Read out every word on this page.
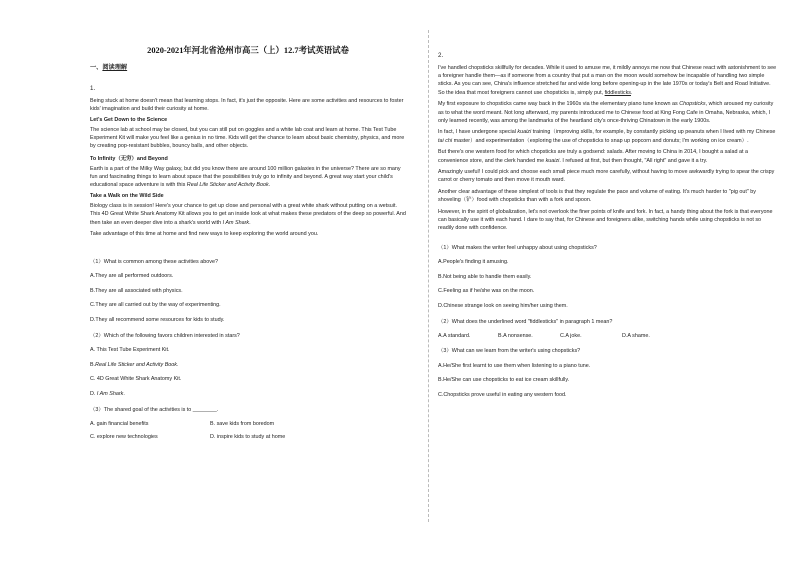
2020-2021年河北省沧州市高三（上）12.7考试英语试卷
一、阅读理解
1.

Being stuck at home doesn't mean that learning stops. In fact, it's just the opposite. Here are some activities and resources to foster kids' imagination and build their curiosity at home.

Let's Get Down to the Science

The science lab at school may be closed, but you can still put on goggles and a white lab coat and learn at home. This Test Tube Experiment Kit will make you feel like a genius in no time. Kids will get the chance to learn about basic chemistry, physics, and more by creating pop-resistant bubbles, bouncy balls, and other objects.

To Infinity（无穷）and Beyond

Earth is a part of the Milky Way galaxy, but did you know there are around 100 million galaxies in the universe? There are so many fun and fascinating things to learn about space that the possibilities truly go to infinity and beyond. A great way start your child's educational space adventure is with this Real Life Sticker and Activity Book.

Take a Walk on the Wild Side

Biology class is in session! Here's your chance to get up close and personal with a great white shark without putting on a wetsuit. This 4D Great White Shark Anatomy Kit allows you to get an inside look at what makes these predators of the deep so powerful. And then take an even deeper dive into a shark's world with I Am Shark.

Take advantage of this time at home and find new ways to keep exploring the world around you.

（1）What is common among these activities above?
A.They are all performed outdoors.
B.They are all associated with physics.
C.They are all carried out by the way of experimenting.
D.They all recommend some resources for kids to study.
（2）Which of the following favors children interested in stars?
A. This Test Tube Experiment Kit.
B.Real Life Sticker and Activity Book.
C. 4D Great White Shark Anatomy Kit.
D. I Am Shark.
（3）The shared goal of the activities is to ________.
A. gain financial benefits	B. save kids from boredom
C. explore new technologies	D. inspire kids to study at home
2.

I've handled chopsticks skillfully for decades. While it used to amuse me, it mildly annoys me now that Chinese react with astonishment to see a foreigner handle them—as if someone from a country that put a man on the moon would somehow be incapable of handling two simple sticks. As you can see, China's influence stretched far and wide long before opening-up in the late 1970s or today's Belt and Road Initiative. So the idea that most foreigners cannot use chopsticks is, simply put, fiddlesticks.

My first exposure to chopsticks came way back in the 1960s via the elementary piano tune known as Chopsticks, which aroused my curiosity as to what the word meant. Not long afterward, my parents introduced me to Chinese food at King Fong Cafe in Omaha, Nebraska, which, I only learned recently, was among the landmarks of the heartland city's once-thriving Chinatown in the early 1900s.

In fact, I have undergone special kuaizi training（improving skills, for example, by constantly picking up peanuts when I lived with my Chinese tai chi master）and experimentation（exploring the use of chopsticks to snap up popcorn and donuts; I'm working on ice cream）.

But there's one western food for which chopsticks are truly a godsend: salads. After moving to China in 2014, I bought a salad at a convenience store, and the clerk handed me kuaizi. I refused at first, but then thought, "All right" and gave it a try.

Amazingly useful! I could pick and choose each small piece much more carefully, without having to move awkwardly trying to spear the crispy carrot or cherry tomato and then move it mouth ward.

Another clear advantage of these simplest of tools is that they regulate the pace and volume of eating. It's much harder to "pig out" by shoveling（铲）food with chopsticks than with a fork and spoon.

However, in the spirit of globalization, let's not overlook the finer points of knife and fork. In fact, a handy thing about the fork is that everyone can basically use it with each hand. I dare to say that, for Chinese and foreigners alike, switching hands while using chopsticks is not so readily done with confidence.

（1）What makes the writer feel unhappy about using chopsticks?
A.People's finding it amusing.
B.Not being able to handle them easily.
C.Feeling as if he/she was on the moon.
D.Chinese strange look on seeing him/her using them.
（2）What does the underlined word "fiddlesticks" in paragraph 1 mean?
A.A standard.	B.A nonsense.	C.A joke.	D.A shame.
（3）What can we learn from the writer's using chopsticks?
A.He/She first learnt to use them when listening to a piano tune.
B.He/She can use chopsticks to eat ice cream skillfully.
C.Chopsticks prove useful in eating any western food.
